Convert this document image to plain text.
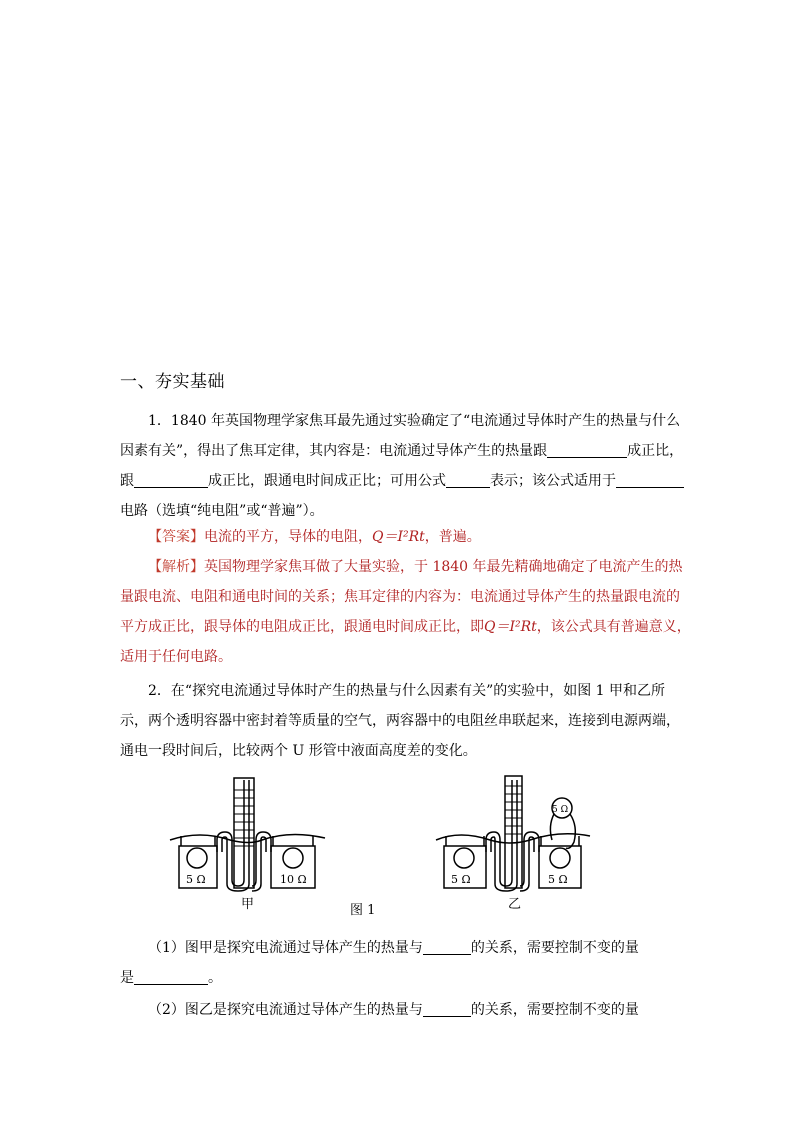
一、夯实基础
1．1840 年英国物理学家焦耳最先通过实验确定了“电流通过导体时产生的热量与什么
因素有关”，得出了焦耳定律，其内容是：电流通过导体产生的热量跟	成正比，
跟	成正比，跟通电时间成正比；可用公式	表示；该公式适用于
电路（选填“纯电阻”或“普遍”）。
【答案】电流的平方，导体的电阻，Q＝I²Rt，普遍。
【解析】英国物理学家焦耳做了大量实验，于 1840 年最先精确地确定了电流产生的热
量跟电流、电阻和通电时间的关系；焦耳定律的内容为：电流通过导体产生的热量跟电流的
平方成正比，跟导体的电阻成正比，跟通电时间成正比，即Q＝I²Rt，该公式具有普遍意义，
适用于任何电路。
2．在“探究电流通过导体时产生的热量与什么因素有关”的实验中，如图 1 甲和乙所
示，两个透明容器中密封着等质量的空气，两容器中的电阻丝串联起来，连接到电源两端，
通电一段时间后，比较两个 U 形管中液面高度差的变化。
5 Ω	10 Ω	5 Ω	5 Ω
5 Ω
甲	图 1	乙
（1）图甲是探究电流通过导体产生的热量与	的关系，需要控制不变的量
是	。
（2）图乙是探究电流通过导体产生的热量与	的关系，需要控制不变的量
